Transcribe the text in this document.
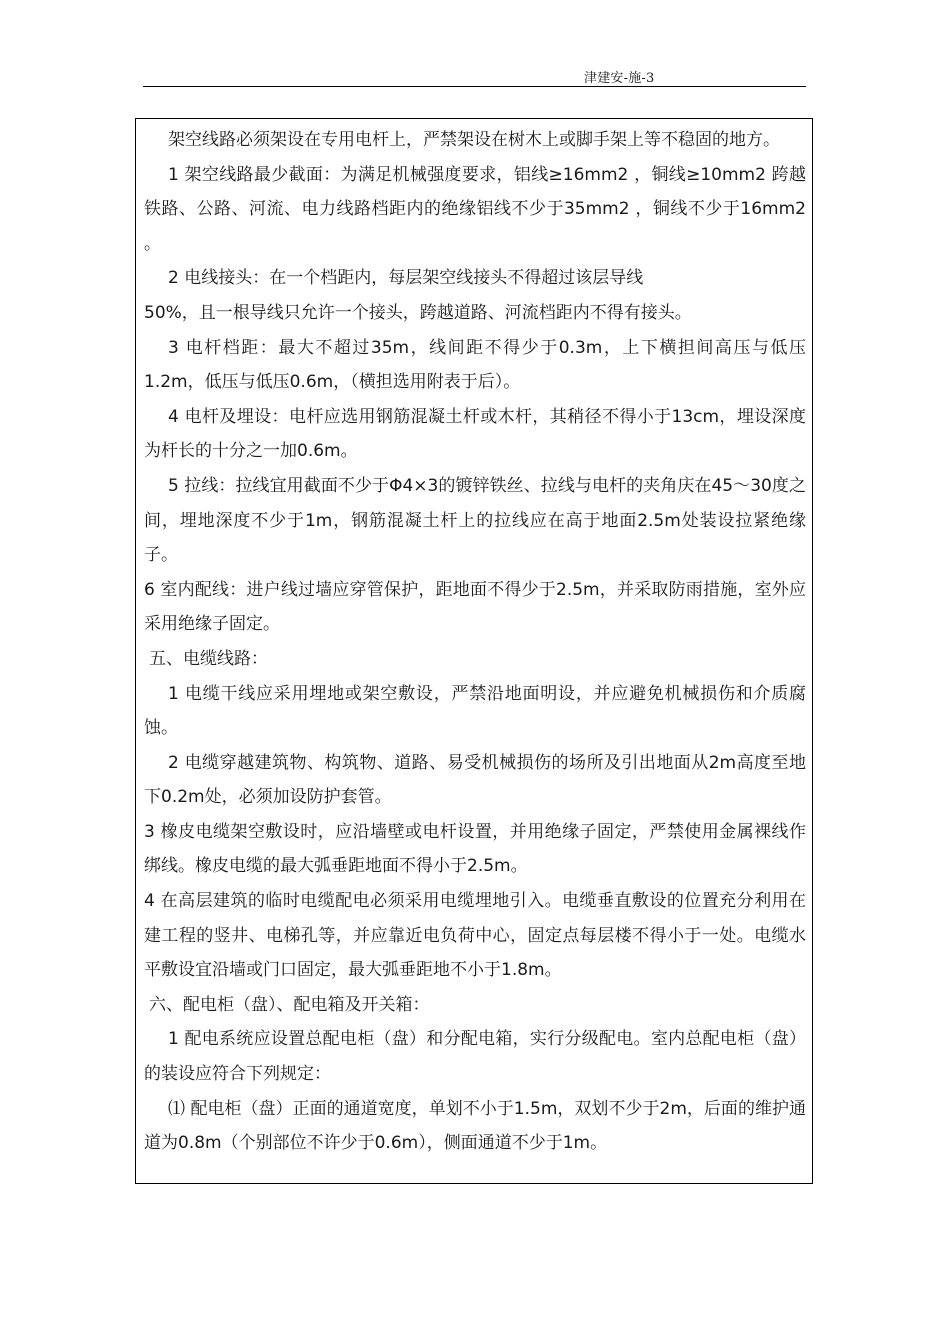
津建安-施-3

架空线路必须架设在专用电杆上，严禁架设在树木上或脚手架上等不稳固的地方。

1 架空线路最少截面：为满足机械强度要求，铝线≥16mm2 ，铜线≥10mm2 跨越铁路、公路、河流、电力线路档距内的绝缘铝线不少于35mm2 ，铜线不少于16mm2 。

2 电线接头：在一个档距内，每层架空线接头不得超过该层导线

50%，且一根导线只允许一个接头，跨越道路、河流档距内不得有接头。

3 电杆档距：最大不超过35m，线间距不得少于0.3m，上下横担间高压与低压1.2m，低压与低压0.6m，（横担选用附表于后）。

4 电杆及埋设：电杆应选用钢筋混凝土杆或木杆，其稍径不得小于13cm，埋设深度为杆长的十分之一加0.6m。

5 拉线：拉线宜用截面不少于Φ4×3的镀锌铁丝、拉线与电杆的夹角庆在45～30度之间，埋地深度不少于1m，钢筋混凝土杆上的拉线应在高于地面2.5m处装设拉紧绝缘子。

6 室内配线：进户线过墙应穿管保护，距地面不得少于2.5m，并采取防雨措施，室外应采用绝缘子固定。

五、电缆线路：

1 电缆干线应采用埋地或架空敷设，严禁沿地面明设，并应避免机械损伤和介质腐蚀。

2 电缆穿越建筑物、构筑物、道路、易受机械损伤的场所及引出地面从2m高度至地下0.2m处，必须加设防护套管。

3 橡皮电缆架空敷设时，应沿墙壁或电杆设置，并用绝缘子固定，严禁使用金属裸线作绑线。橡皮电缆的最大弧垂距地面不得小于2.5m。

4 在高层建筑的临时电缆配电必须采用电缆埋地引入。电缆垂直敷设的位置充分利用在建工程的竖井、电梯孔等，并应靠近电负荷中心，固定点每层楼不得小于一处。电缆水平敷设宜沿墙或门口固定，最大弧垂距地不小于1.8m。

六、配电柜（盘）、配电箱及开关箱：

1 配电系统应设置总配电柜（盘）和分配电箱，实行分级配电。室内总配电柜（盘）的装设应符合下列规定：

⑴ 配电柜（盘）正面的通道宽度，单划不小于1.5m，双划不少于2m，后面的维护通道为0.8m（个别部位不许少于0.6m），侧面通道不少于1m。
